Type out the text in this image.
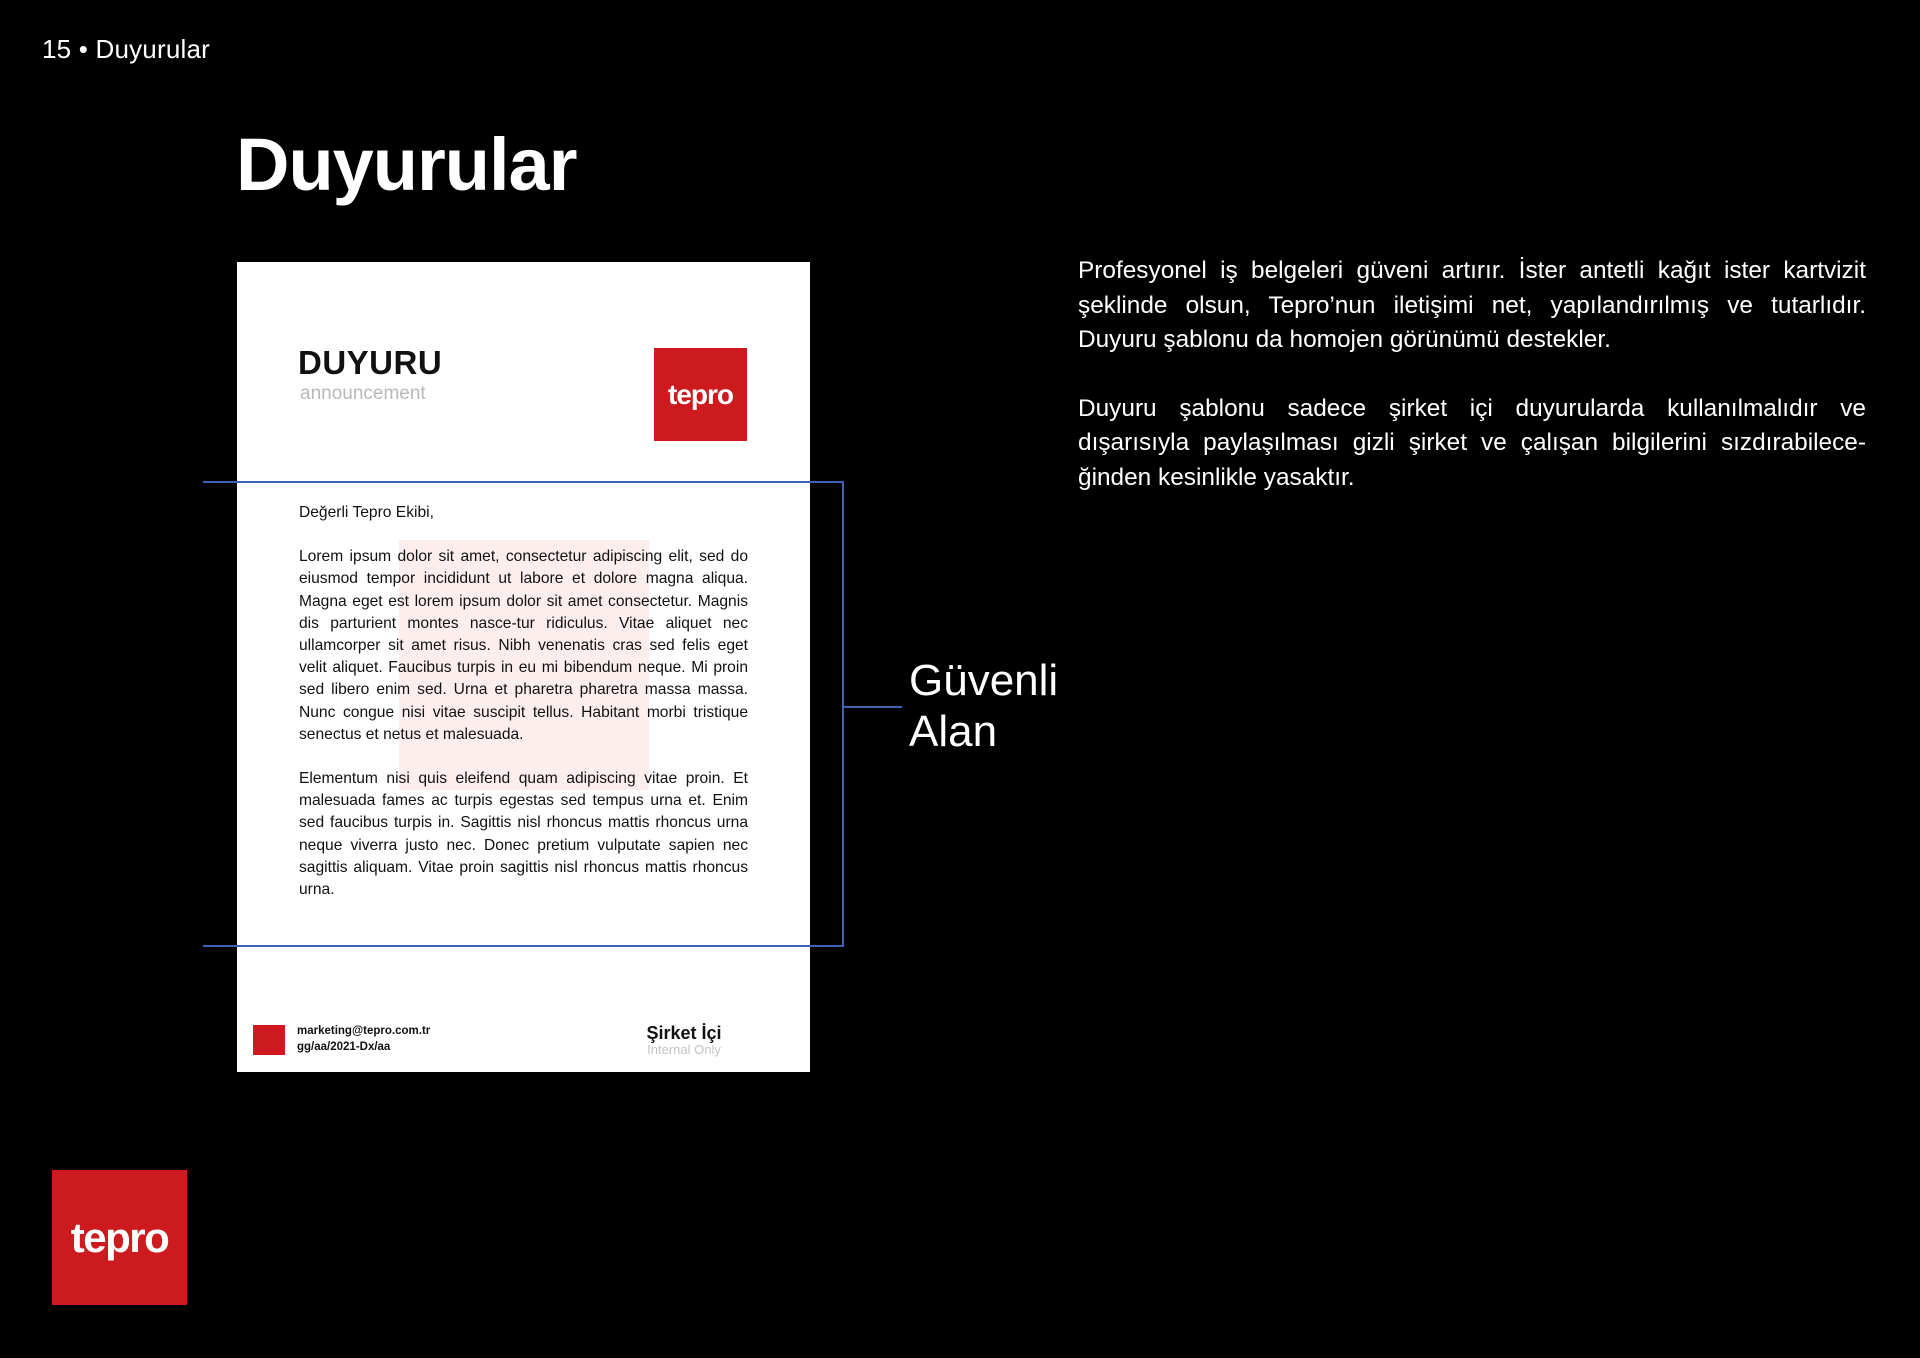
15 • Duyurular
Duyurular
DUYURU
announcement	tepro

Değerli Tepro Ekibi,

Lorem ipsum dolor sit amet, consectetur adipiscing elit, sed do eiusmod tempor incididunt ut labore et dolore magna aliqua. Magna eget est lorem ipsum dolor sit amet consectetur. Magnis dis parturient montes nasce-tur ridiculus. Vitae aliquet nec ullamcorper sit amet risus. Nibh venenatis cras sed felis eget velit aliquet. Faucibus turpis in eu mi bibendum neque. Mi proin sed libero enim sed. Urna et pharetra pharetra massa massa. Nunc congue nisi vitae suscipit tellus. Habitant morbi tristique senectus et netus et malesuada.

Elementum nisi quis eleifend quam adipiscing vitae proin. Et malesuada fames ac turpis egestas sed tempus urna et. Enim sed faucibus turpis in. Sagittis nisl rhoncus mattis rhoncus urna neque viverra justo nec. Donec pretium vulputate sapien nec sagittis aliquam. Vitae proin sagittis nisl rhoncus mattis rhoncus urna.

marketing@tepro.com.tr
gg/aa/2021-Dx/aa
Şirket İçi
Internal Only
Güvenli
Alan

Profesyonel iş belgeleri güveni artırır. İster antetli kağıt ister kartvizit şeklinde olsun, Tepro’nun iletişimi net, yapılandırılmış ve tutarlıdır. Duyuru şablonu da homojen görünümü destekler.

Duyuru şablonu sadece şirket içi duyurularda kullanılmalıdır ve dışarısıyla paylaşılması gizli şirket ve çalışan bilgilerini sızdırabilece-ğinden kesinlikle yasaktır.

tepro
